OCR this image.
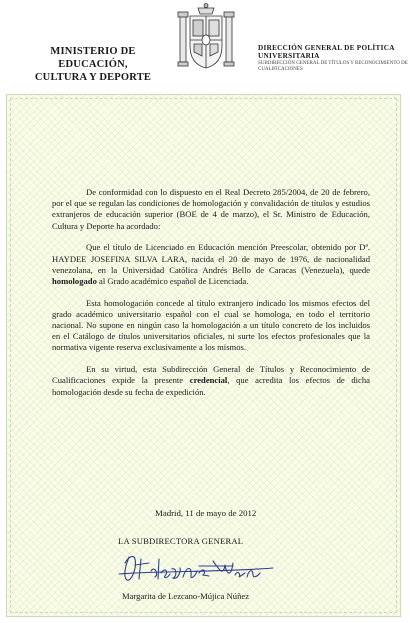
MINISTERIO DE EDUCACIÓN,
CULTURA Y DEPORTE
DIRECCIÓN GENERAL DE POLÍTICA
UNIVERSITARIA
SUBDIRECCIÓN GENERAL DE TÍTULOS Y RECONOCIMIENTO DE
CUALIFICACIONES

De conformidad con lo dispuesto en el Real Decreto 285/2004, de 20 de febrero, por el que se regulan las condiciones de homologación y convalidación de títulos y estudios extranjeros de educación superior (BOE de 4 de marzo), el Sr. Ministro de Educación, Cultura y Deporte ha acordado:

Que el título de Licenciado en Educación mención Preescolar, obtenido por Dª. HAYDEE JOSEFINA SILVA LARA, nacida el 20 de mayo de 1976, de nacionalidad venezolana, en la Universidad Católica Andrés Bello de Caracas (Venezuela), quede homologado al Grado académico español de Licenciada.

Esta homologación concede al título extranjero indicado los mismos efectos del grado académico universitario español con el cual se homologa, en todo el territorio nacional. No supone en ningún caso la homologación a un título concreto de los incluidos en el Catálogo de títulos universitarios oficiales, ni surte los efectos profesionales que la normativa vigente reserva exclusivamente a los mismos.

En su virtud, esta Subdirección General de Títulos y Reconocimiento de Cualificaciones expide la presente credencial, que acredita los efectos de dicha homologación desde su fecha de expedición.

Madrid, 11 de mayo de 2012
LA SUBDIRECTORA GENERAL
Margarita de Lezcano-Mújica Núñez
Margarita de Lezcano-Mújica Núñez
